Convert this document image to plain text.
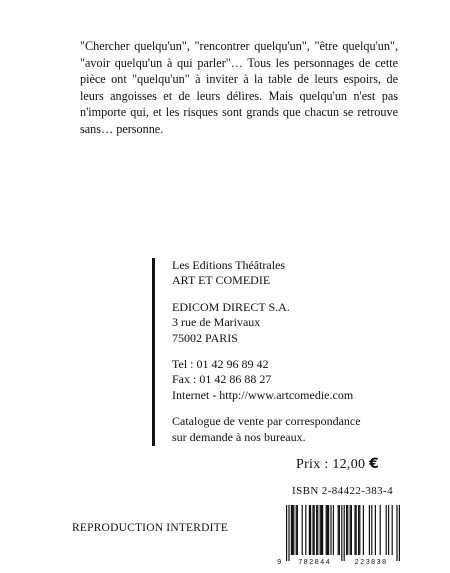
"Chercher quelqu'un", "rencontrer quelqu'un", "être quelqu'un", "avoir quelqu'un à qui parler"… Tous les personnages de cette pièce ont "quelqu'un" à inviter à la table de leurs espoirs, de leurs angoisses et de leurs délires. Mais quelqu'un n'est pas n'importe qui, et les risques sont grands que chacun se retrouve sans… personne.
Les Editions Théâtrales
ART ET COMEDIE
EDICOM DIRECT S.A.
3 rue de Marivaux
75002 PARIS
Tel : 01 42 96 89 42
Fax : 01 42 86 88 27
Internet - http://www.artcomedie.com
Catalogue de vente par correspondance
sur demande à nos bureaux.
Prix : 12,00 €
ISBN 2-84422-383-4
REPRODUCTION INTERDITE
9 782844	223838
